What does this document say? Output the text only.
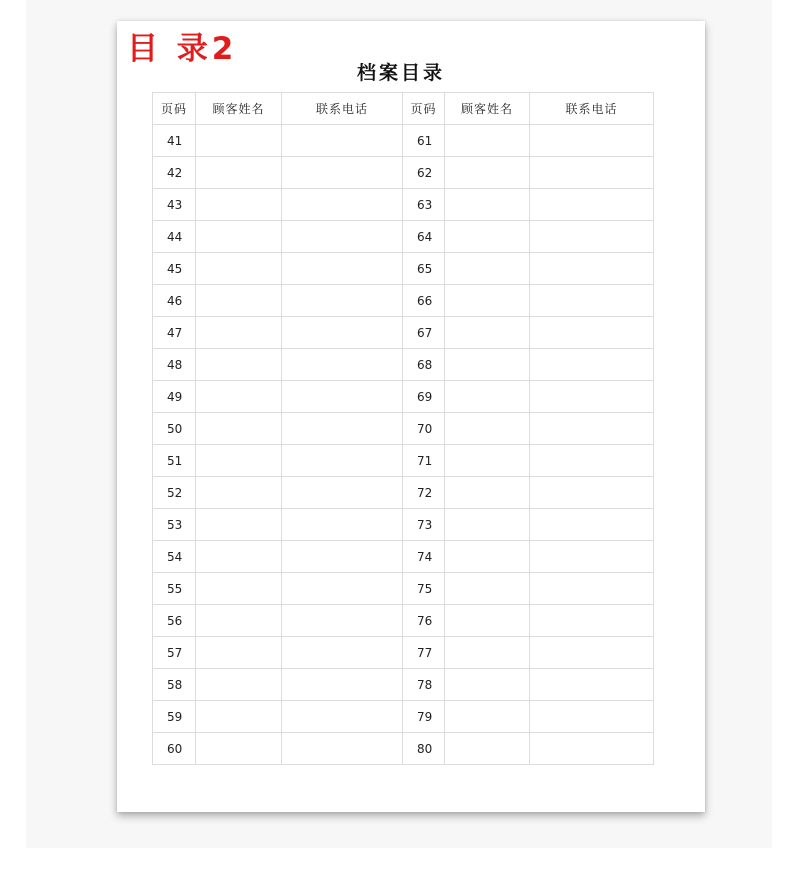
目 录2
档案目录
页码	顾客姓名	联系电话	页码	顾客姓名	联系电话
41			61		
42			62		
43			63		
44			64		
45			65		
46			66		
47			67		
48			68		
49			69		
50			70		
51			71		
52			72		
53			73		
54			74		
55			75		
56			76		
57			77		
58			78		
59			79		
60			80		
